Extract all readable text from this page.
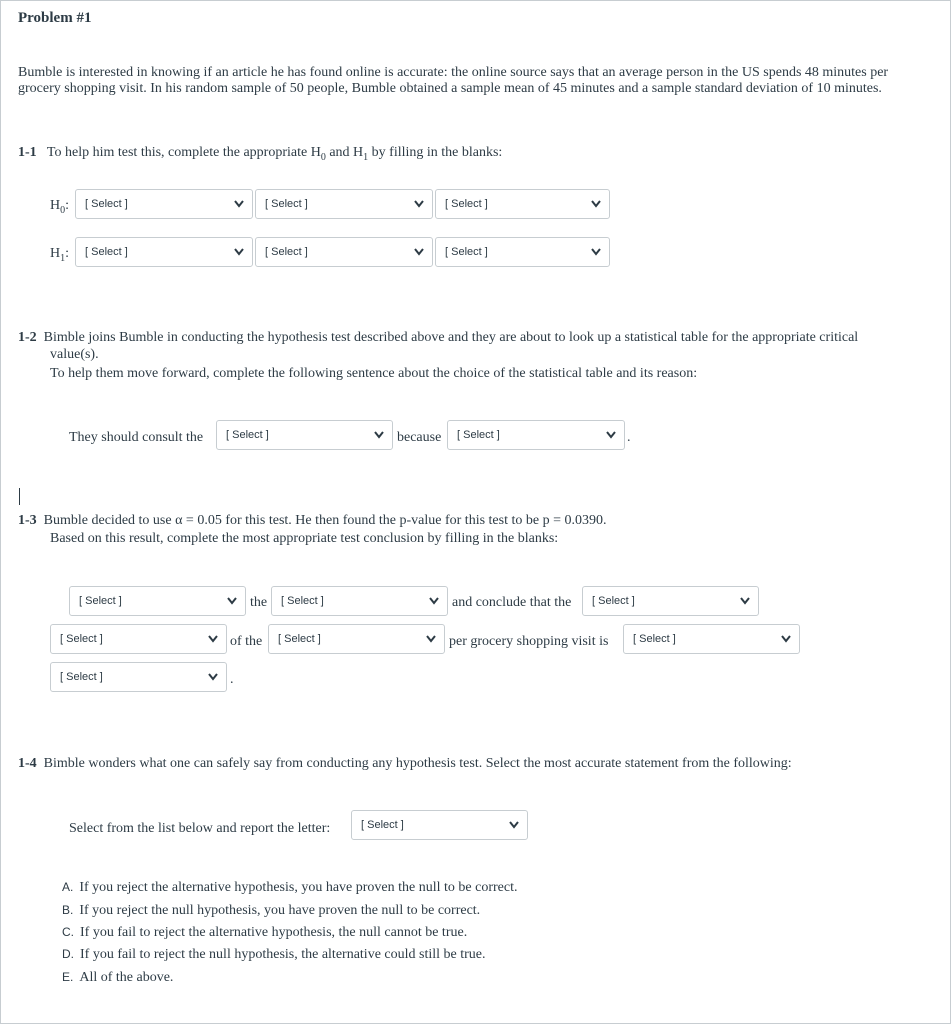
Problem #1
Bumble is interested in knowing if an article he has found online is accurate: the online source says that an average person in the US spends 48 minutes per grocery shopping visit. In his random sample of 50 people, Bumble obtained a sample mean of 45 minutes and a sample standard deviation of 10 minutes.
1-1 To help him test this, complete the appropriate $H_0$ and $H_1$ by filling in the blanks:
$H_0$: [ Select ]	[ Select ]	[ Select ]
$H_1$: [ Select ]	[ Select ]	[ Select ]
1-2 Bimble joins Bumble in conducting the hypothesis test described above and they are about to look up a statistical table for the appropriate critical
value(s).
To help them move forward, complete the following sentence about the choice of the statistical table and its reason:
They should consult the [ Select ]	because [ Select ]	.
1-3 Bumble decided to use α = 0.05 for this test. He then found the p-value for this test to be p = 0.0390.
Based on this result, complete the most appropriate test conclusion by filling in the blanks:
[ Select ]	the [ Select ]	and conclude that the [ Select ]
[ Select ]	of the [ Select ]	per grocery shopping visit is [ Select ]
[ Select ]	.
1-4 Bimble wonders what one can safely say from conducting any hypothesis test. Select the most accurate statement from the following:
Select from the list below and report the letter:	[ Select ]
A. If you reject the alternative hypothesis, you have proven the null to be correct.
B. If you reject the null hypothesis, you have proven the null to be correct.
C. If you fail to reject the alternative hypothesis, the null cannot be true.
D. If you fail to reject the null hypothesis, the alternative could still be true.
E. All of the above.
